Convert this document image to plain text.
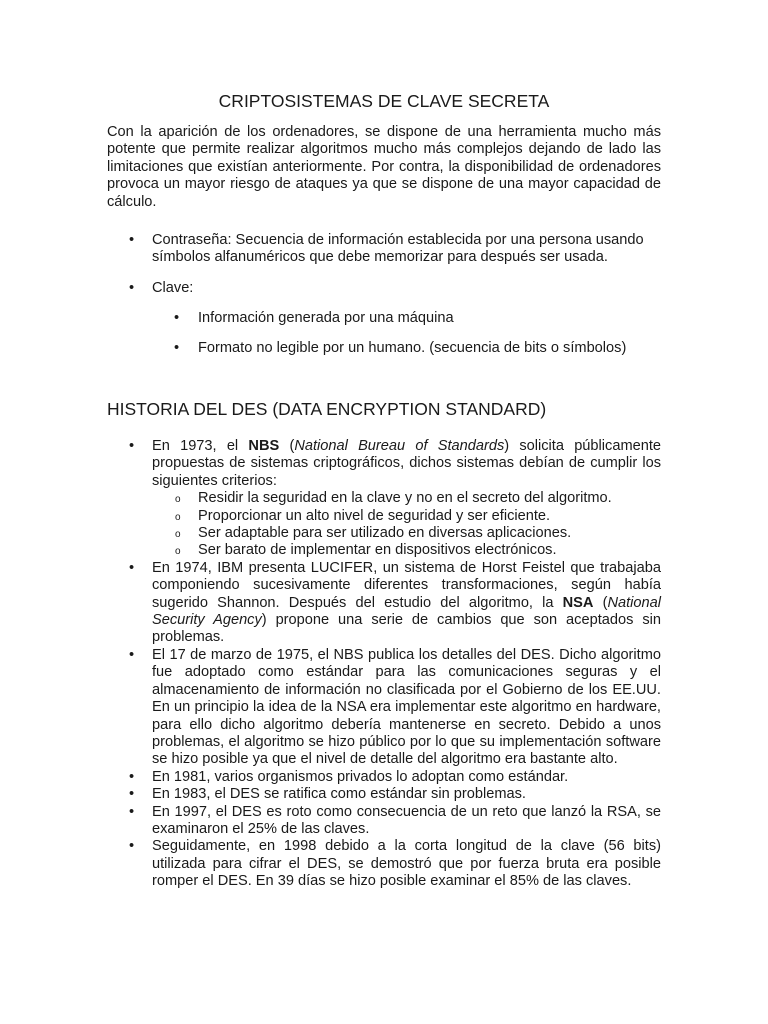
CRIPTOSISTEMAS DE CLAVE SECRETA
Con la aparición de los ordenadores, se dispone de una herramienta mucho más potente que permite realizar algoritmos mucho más complejos dejando de lado las limitaciones que existían anteriormente. Por contra, la disponibilidad de ordenadores provoca un mayor riesgo de ataques ya que se dispone de una mayor capacidad de cálculo.
• Contraseña: Secuencia de información establecida por una persona usando símbolos alfanuméricos que debe memorizar para después ser usada.
• Clave:
• Información generada por una máquina
• Formato no legible por un humano. (secuencia de bits o símbolos)
HISTORIA DEL DES (DATA ENCRYPTION STANDARD)
• En 1973, el NBS (National Bureau of Standards) solicita públicamente propuestas de sistemas criptográficos, dichos sistemas debían de cumplir los siguientes criterios:
o Residir la seguridad en la clave y no en el secreto del algoritmo.
o Proporcionar un alto nivel de seguridad y ser eficiente.
o Ser adaptable para ser utilizado en diversas aplicaciones.
o Ser barato de implementar en dispositivos electrónicos.
• En 1974, IBM presenta LUCIFER, un sistema de Horst Feistel que trabajaba componiendo sucesivamente diferentes transformaciones, según había sugerido Shannon. Después del estudio del algoritmo, la NSA (National Security Agency) propone una serie de cambios que son aceptados sin problemas.
• El 17 de marzo de 1975, el NBS publica los detalles del DES. Dicho algoritmo fue adoptado como estándar para las comunicaciones seguras y el almacenamiento de información no clasificada por el Gobierno de los EE.UU. En un principio la idea de la NSA era implementar este algoritmo en hardware, para ello dicho algoritmo debería mantenerse en secreto. Debido a unos problemas, el algoritmo se hizo público por lo que su implementación software se hizo posible ya que el nivel de detalle del algoritmo era bastante alto.
• En 1981, varios organismos privados lo adoptan como estándar.
• En 1983, el DES se ratifica como estándar sin problemas.
• En 1997, el DES es roto como consecuencia de un reto que lanzó la RSA, se examinaron el 25% de las claves.
• Seguidamente, en 1998 debido a la corta longitud de la clave (56 bits) utilizada para cifrar el DES, se demostró que por fuerza bruta era posible romper el DES. En 39 días se hizo posible examinar el 85% de las claves.
